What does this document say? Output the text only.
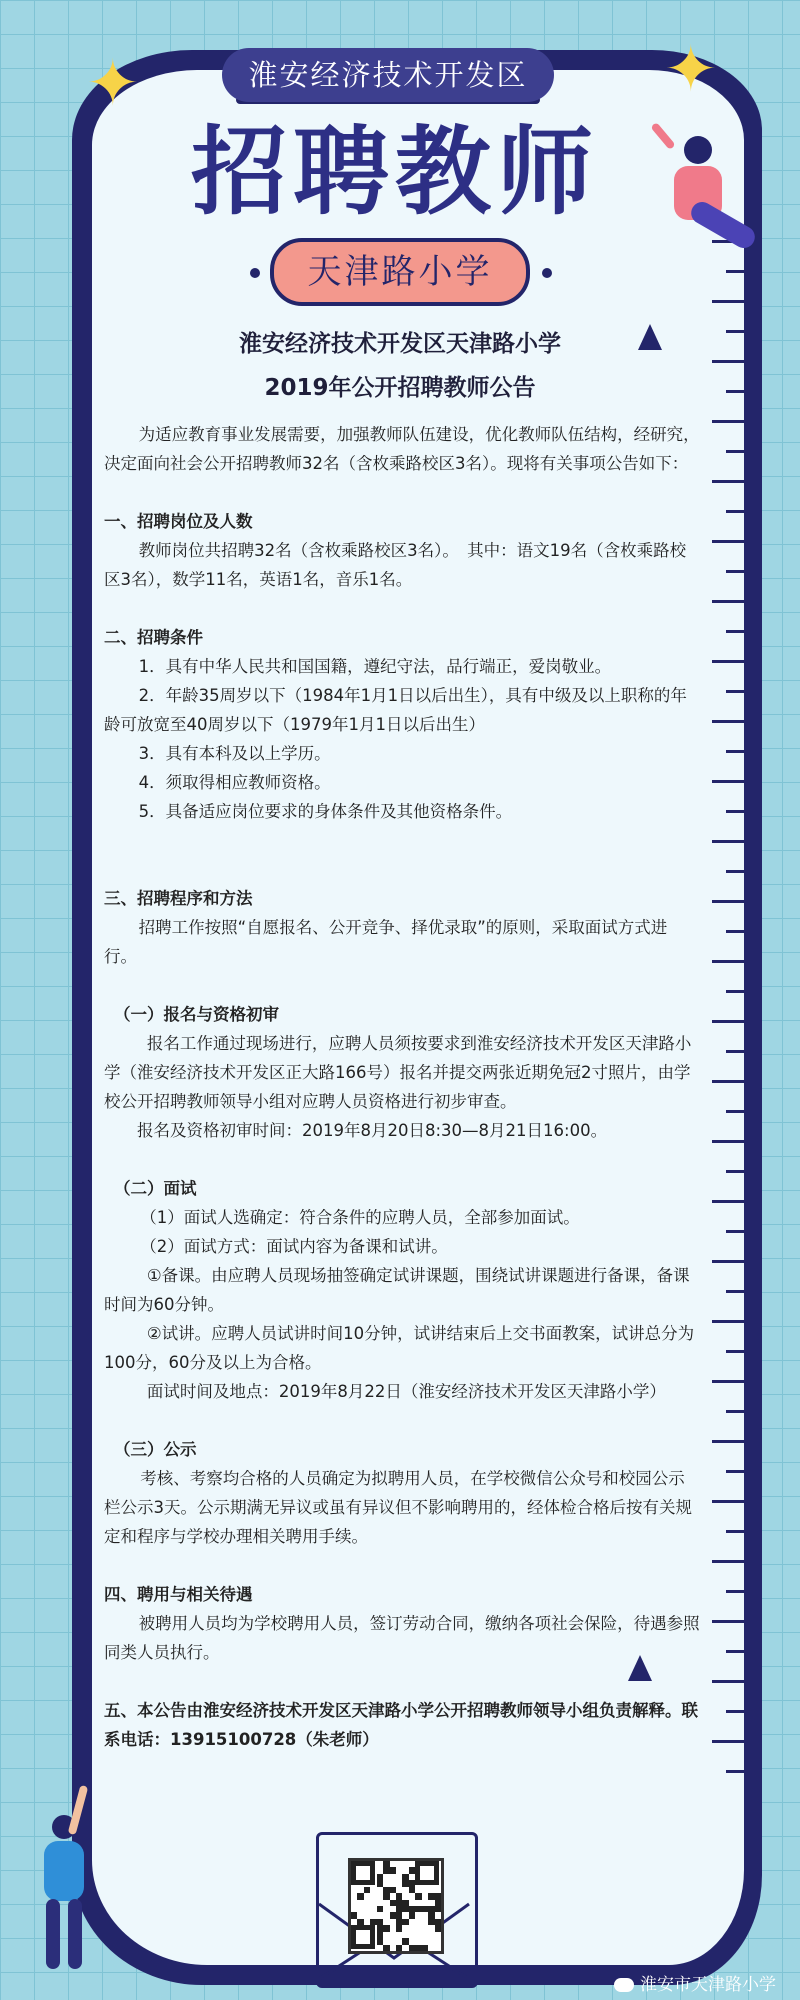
✦	✦
淮安经济技术开发区
招聘教师
天津路小学
淮安经济技术开发区天津路小学
2019年公开招聘教师公告

为适应教育事业发展需要，加强教师队伍建设，优化教师队伍结构，经研究，决定面向社会公开招聘教师32名（含枚乘路校区3名）。现将有关事项公告如下：

一、招聘岗位及人数

教师岗位共招聘32名（含枚乘路校区3名）。　其中：语文19名（含枚乘路校区3名），数学11名，英语1名，音乐1名。

二、招聘条件

1．具有中华人民共和国国籍，遵纪守法，品行端正，爱岗敬业。

2．年龄35周岁以下（1984年1月1日以后出生），具有中级及以上职称的年龄可放宽至40周岁以下（1979年1月1日以后出生）

3．具有本科及以上学历。

4．须取得相应教师资格。

5．具备适应岗位要求的身体条件及其他资格条件。

三、招聘程序和方法

招聘工作按照“自愿报名、公开竞争、择优录取”的原则，采取面试方式进行。

（一）报名与资格初审

报名工作通过现场进行，应聘人员须按要求到淮安经济技术开发区天津路小学（淮安经济技术开发区正大路166号）报名并提交两张近期免冠2寸照片，由学校公开招聘教师领导小组对应聘人员资格进行初步审查。

报名及资格初审时间：2019年8月20日8:30—8月21日16:00。

（二）面试

（1）面试人选确定：符合条件的应聘人员，全部参加面试。

（2）面试方式：面试内容为备课和试讲。

①备课。由应聘人员现场抽签确定试讲课题，围绕试讲课题进行备课，备课时间为60分钟。

②试讲。应聘人员试讲时间10分钟，试讲结束后上交书面教案，试讲总分为100分，60分及以上为合格。

面试时间及地点：2019年8月22日（淮安经济技术开发区天津路小学）

（三）公示

考核、考察均合格的人员确定为拟聘用人员，在学校微信公众号和校园公示栏公示3天。公示期满无异议或虽有异议但不影响聘用的，经体检合格后按有关规定和程序与学校办理相关聘用手续。

四、聘用与相关待遇

被聘用人员均为学校聘用人员，签订劳动合同，缴纳各项社会保险，待遇参照同类人员执行。

五、本公告由淮安经济技术开发区天津路小学公开招聘教师领导小组负责解释。联系电话：13915100728（朱老师）

淮安市天津路小学
